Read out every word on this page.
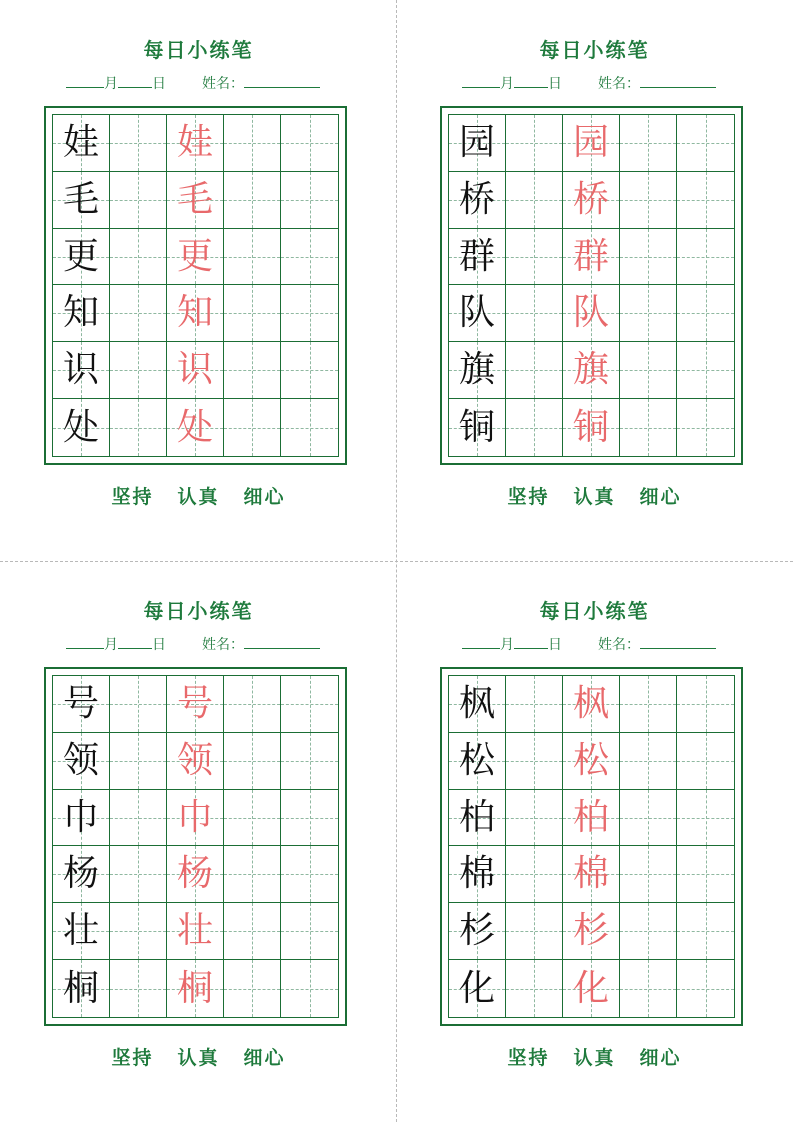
每日小练笔
月 日	姓名：
娃 娃
毛 毛
更 更
知 知
识 识
处 处
坚持 认真 细心
每日小练笔
月 日	姓名：
园 园
桥 桥
群 群
队 队
旗 旗
铜 铜
坚持 认真 细心
每日小练笔
月 日	姓名：
号 号
领 领
巾 巾
杨 杨
壮 壮
桐 桐
坚持 认真 细心
每日小练笔
月 日	姓名：
枫 枫
松 松
柏 柏
棉 棉
杉 杉
化 化
坚持 认真 细心
